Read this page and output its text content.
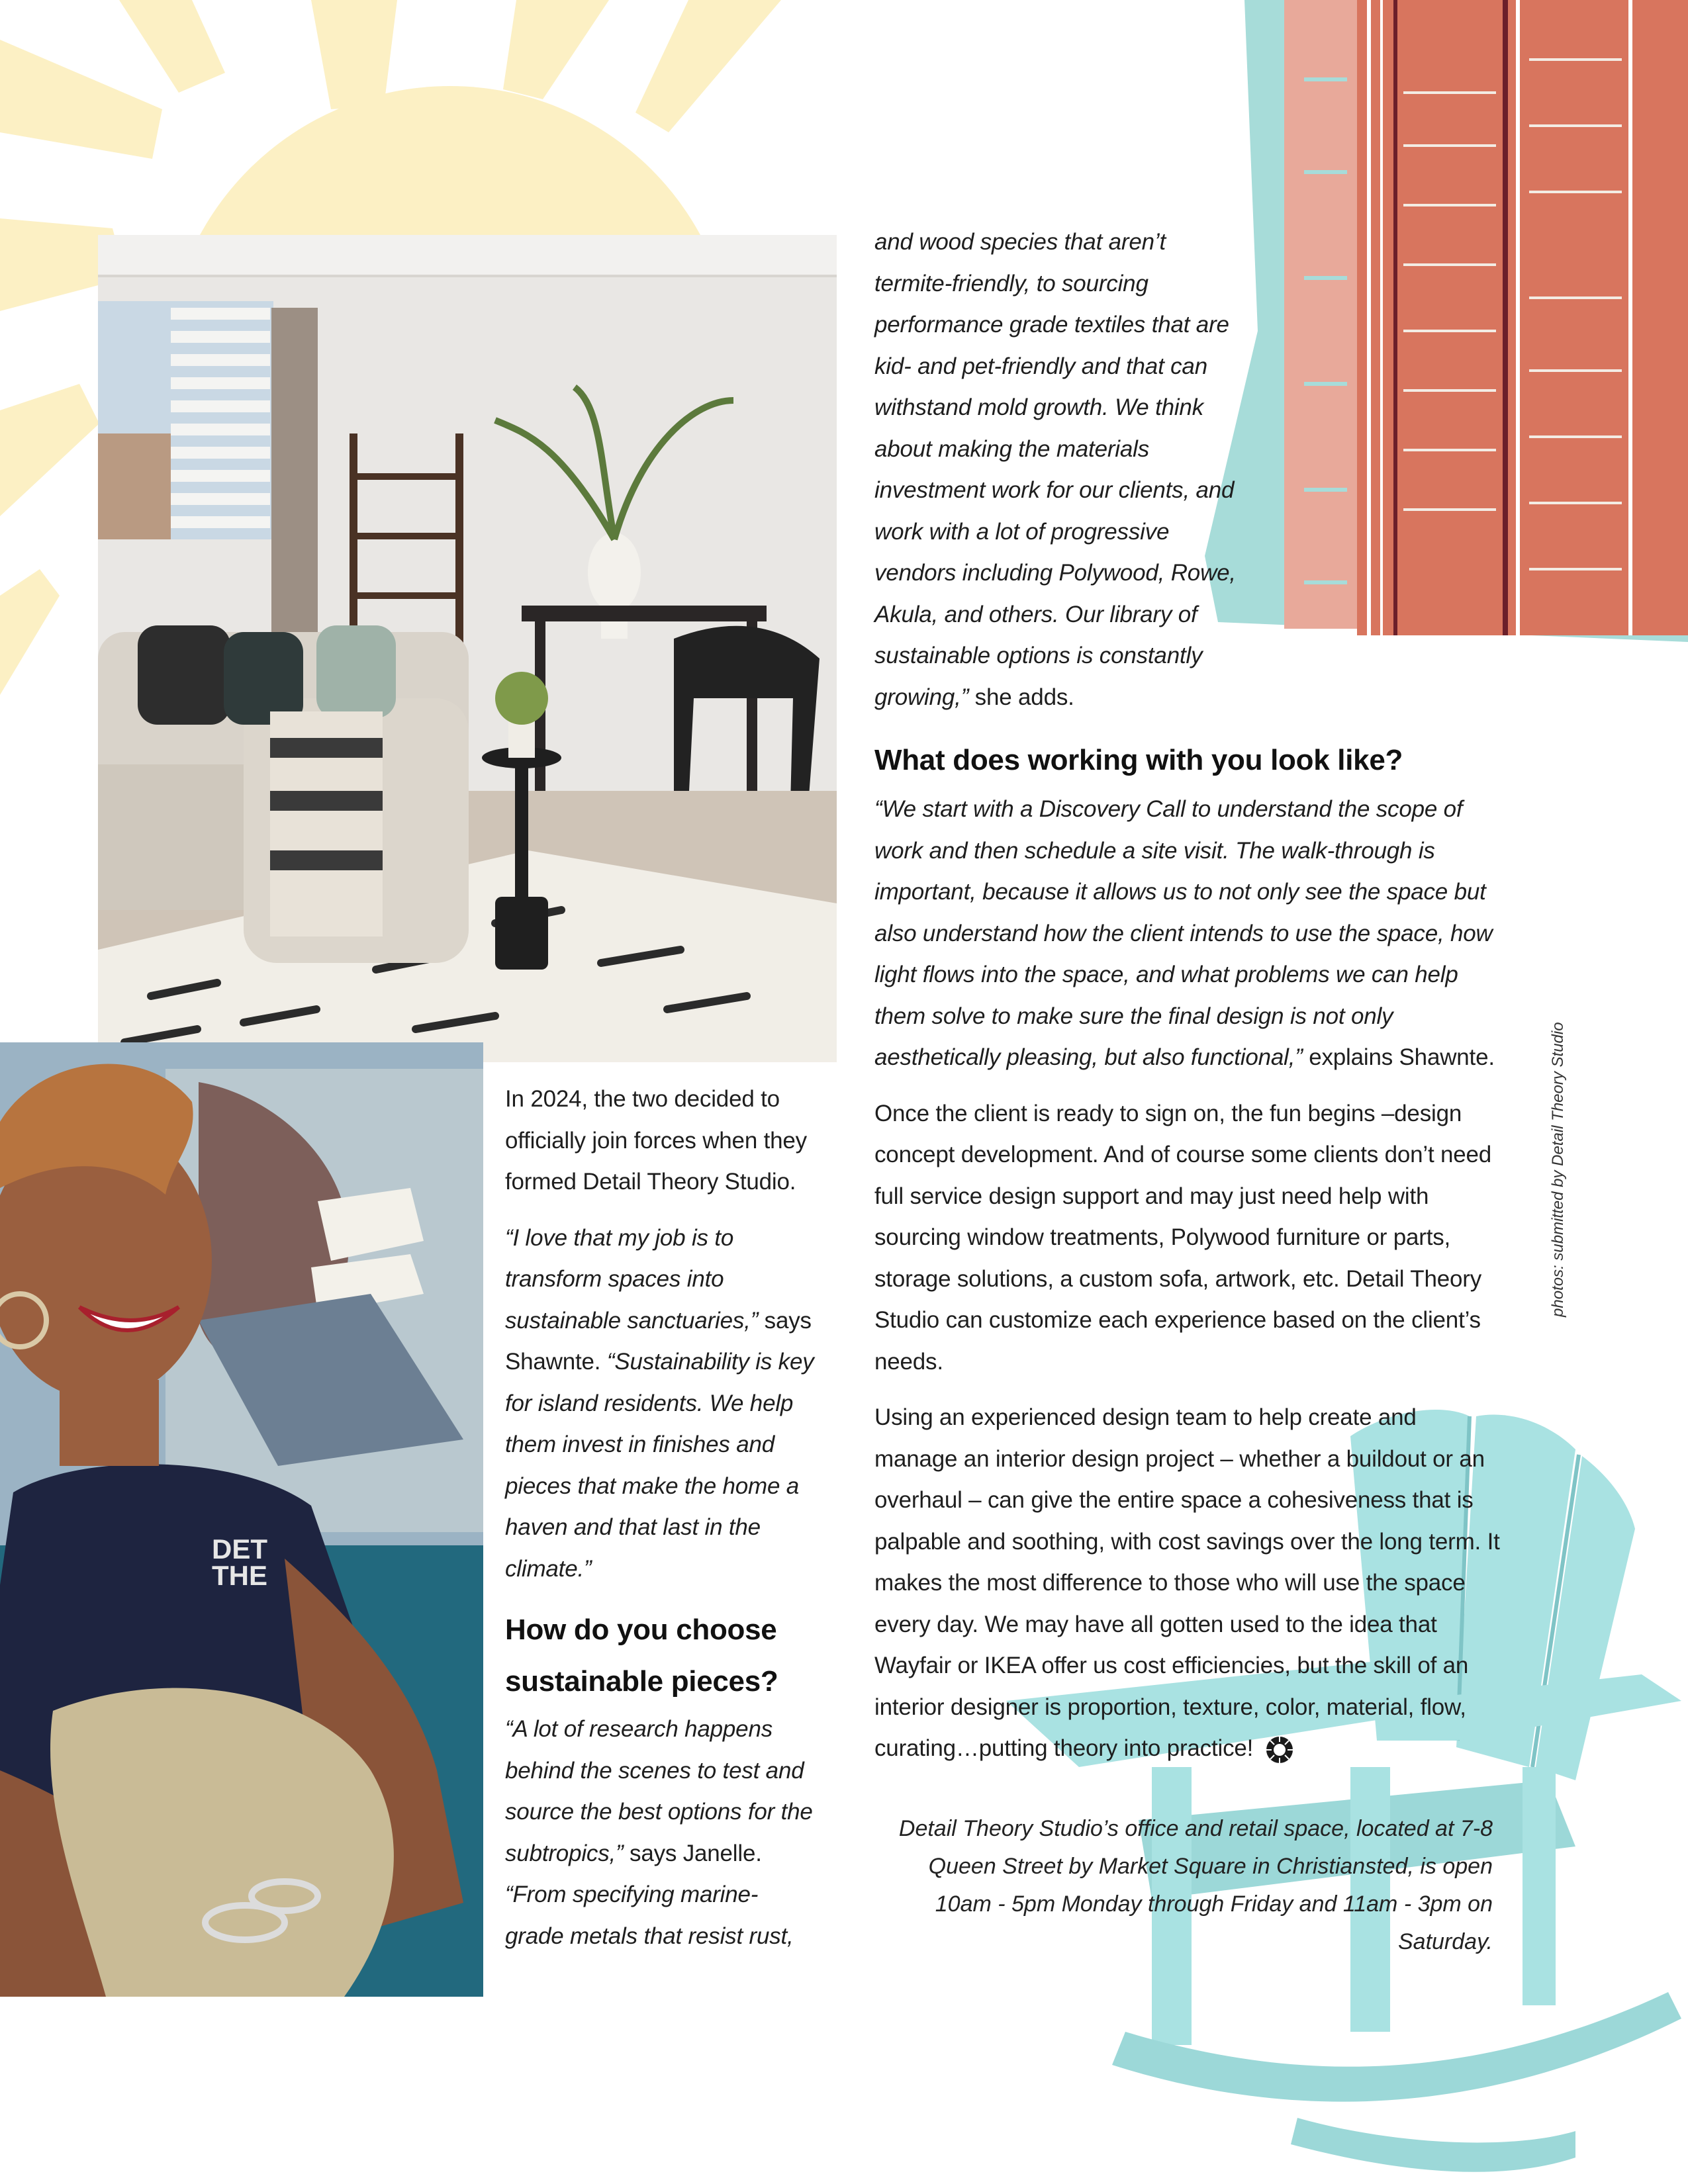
DET
THE

In 2024, the two decided to officially join forces when they formed Detail Theory Studio.

“I love that my job is to transform spaces into sustainable sanctuaries,” says Shawnte. “Sustainability is key for island residents. We help them invest in finishes and pieces that make the home a haven and that last in the climate.”

How do you choose sustainable pieces?

“A lot of research happens behind the scenes to test and source the best options for the subtropics,” says Janelle. “From specifying marine-grade metals that resist rust,

and wood species that aren’t termite-friendly, to sourcing performance grade textiles that are kid- and pet-friendly and that can withstand mold growth. We think about making the materials investment work for our clients, and work with a lot of progressive vendors including Polywood, Rowe, Akula, and others. Our library of sustainable options is constantly growing,” she adds.

What does working with you look like?

“We start with a Discovery Call to understand the scope of work and then schedule a site visit. The walk-through is important, because it allows us to not only see the space but also understand how the client intends to use the space, how light flows into the space, and what problems we can help them solve to make sure the final design is not only aesthetically pleasing, but also functional,” explains Shawnte.

Once the client is ready to sign on, the fun begins –design concept development. And of course some clients don’t need full service design support and may just need help with sourcing window treatments, Polywood furniture or parts, storage solutions, a custom sofa, artwork, etc. Detail Theory Studio can customize each experience based on the client’s needs.

Using an experienced design team to help create and manage an interior design project – whether a buildout or an overhaul – can give the entire space a cohesiveness that is palpable and soothing, with cost savings over the long term. It makes the most difference to those who will use the space every day. We may have all gotten used to the idea that Wayfair or IKEA offer us cost efficiencies, but the skill of an interior designer is proportion, texture, color, material, flow, curating…putting theory into practice!

Detail Theory Studio’s office and retail space, located at 7-8 Queen Street by Market Square in Christiansted, is open 10am - 5pm Monday through Friday and 11am - 3pm on Saturday.
photos: submitted by Detail Theory Studio
